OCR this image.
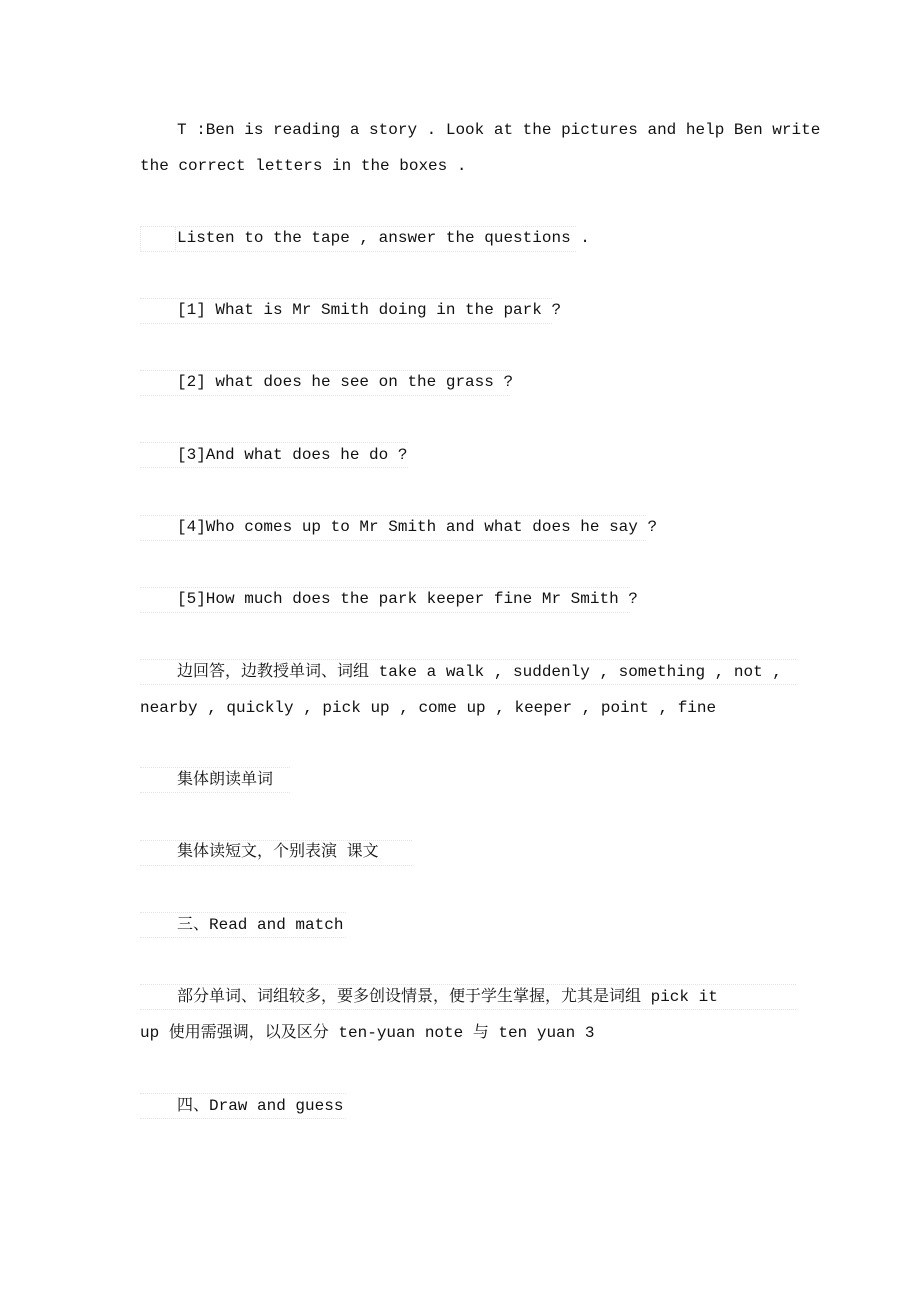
T :Ben is reading a story . Look at the pictures and help Ben write
the correct letters in the boxes .
Listen to the tape , answer the questions .
[1] What is Mr Smith doing in the park ?
[2] what does he see on the grass ?
[3]And what does he do ?
[4]Who comes up to Mr Smith and what does he say ?
[5]How much does the park keeper fine Mr Smith ?
边回答，边教授单词、词组 take a walk , suddenly , something , not ,
nearby , quickly , pick up , come up , keeper , point , fine
集体朗读单词
集体读短文，个别表演 课文
三、Read and match
部分单词、词组较多，要多创设情景，便于学生掌握，尤其是词组 pick it
up 使用需强调，以及区分 ten-yuan note 与 ten yuan 3
四、Draw and guess
